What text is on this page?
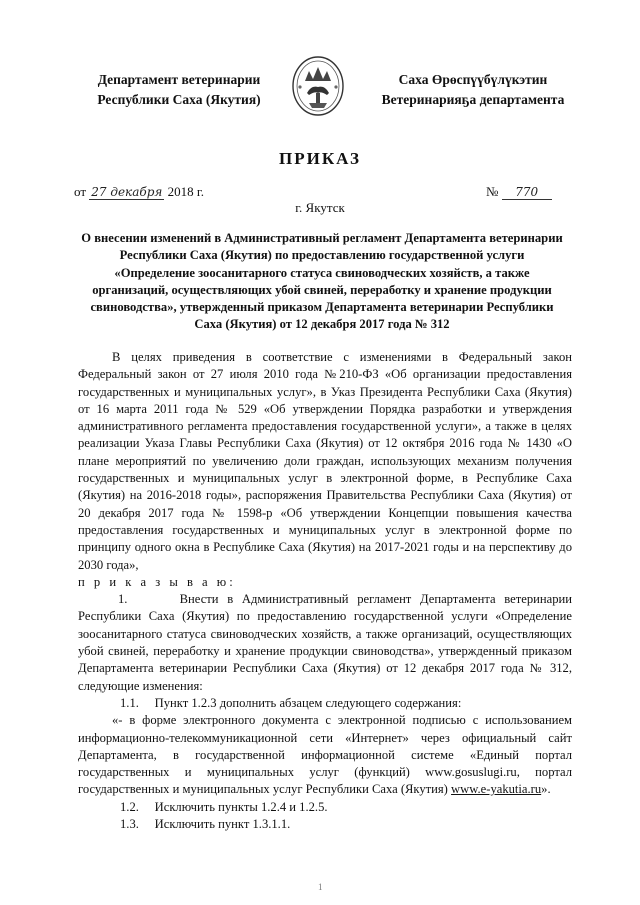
Департамент ветеринарии
Республики Саха (Якутия)
Саха Өрөспүүбүлүкэтин
Ветеринарияҕа департамента
ПРИКАЗ
от 27 декабря 2018 г.	№ 770
г. Якутск
О внесении изменений в Административный регламент Департамента ветеринарии Республики Саха (Якутия) по предоставлению государственной услуги «Определение зоосанитарного статуса свиноводческих хозяйств, а также организаций, осуществляющих убой свиней, переработку и хранение продукции свиноводства», утвержденный приказом Департамента ветеринарии Республики Саха (Якутия) от 12 декабря 2017 года № 312

В целях приведения в соответствие с изменениями в Федеральный закон Федеральный закон от 27 июля 2010 года №210-ФЗ «Об организации предоставления государственных и муниципальных услуг», в Указ Президента Республики Саха (Якутия) от 16 марта 2011 года № 529 «Об утверждении Порядка разработки и утверждения административного регламента предоставления государственной услуги», а также в целях реализации Указа Главы Республики Саха (Якутия) от 12 октября 2016 года № 1430 «О плане мероприятий по увеличению доли граждан, использующих механизм получения государственных и муниципальных услуг в электронной форме, в Республике Саха (Якутия) на 2016-2018 годы», распоряжения Правительства Республики Саха (Якутия) от 20 декабря 2017 года № 1598-р «Об утверждении Концепции повышения качества предоставления государственных и муниципальных услуг в электронной форме по принципу одного окна в Республике Саха (Якутия) на 2017-2021 годы и на перспективу до 2030 года»,

п р и к а з ы в а ю:

1.      Внести в Административный регламент Департамента ветеринарии Республики Саха (Якутия) по предоставлению государственной услуги «Определение зоосанитарного статуса свиноводческих хозяйств, а также организаций, осуществляющих убой свиней, переработку и хранение продукции свиноводства», утвержденный приказом Департамента ветеринарии Республики Саха (Якутия) от 12 декабря 2017 года № 312, следующие изменения:

1.1.     Пункт 1.2.3 дополнить абзацем следующего содержания:

«- в форме электронного документа с электронной подписью с использованием информационно-телекоммуникационной сети «Интернет» через официальный сайт Департамента, в государственной информационной системе «Единый портал государственных и муниципальных услуг (функций) www.gosuslugi.ru, портал государственных и муниципальных услуг Республики Саха (Якутия) www.e-yakutia.ru».

1.2.     Исключить пункты 1.2.4 и 1.2.5.

1.3.     Исключить пункт 1.3.1.1.

1
